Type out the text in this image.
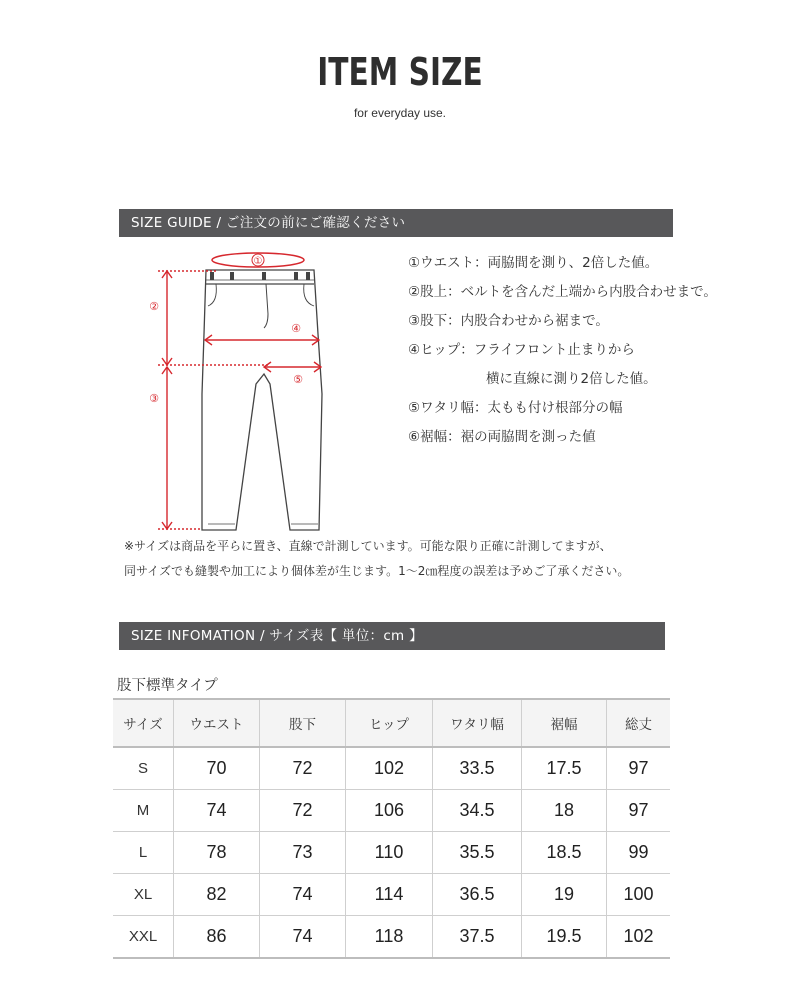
ITEM SIZE
for everyday use.
SIZE GUIDE / ご注文の前にご確認ください
①
②
③
④
⑤
①ウエスト：両脇間を測り、2倍した値。
②股上：ベルトを含んだ上端から内股合わせまで。
③股下：内股合わせから裾まで。
④ヒップ：フライフロント止まりから
横に直線に測り2倍した値。
⑤ワタリ幅：太もも付け根部分の幅
⑥裾幅：裾の両脇間を測った値
※サイズは商品を平らに置き、直線で計測しています。可能な限り正確に計測してますが、
同サイズでも縫製や加工により個体差が生じます。1〜2㎝程度の誤差は予めご了承ください。
SIZE INFOMATION / サイズ表【 単位：cm 】
股下標準タイプ
サイズ	ウエスト	股下	ヒップ	ワタリ幅	裾幅	総丈
S	70	72	102	33.5	17.5	97
M	74	72	106	34.5	18	97
L	78	73	110	35.5	18.5	99
XL	82	74	114	36.5	19	100
XXL	86	74	118	37.5	19.5	102
